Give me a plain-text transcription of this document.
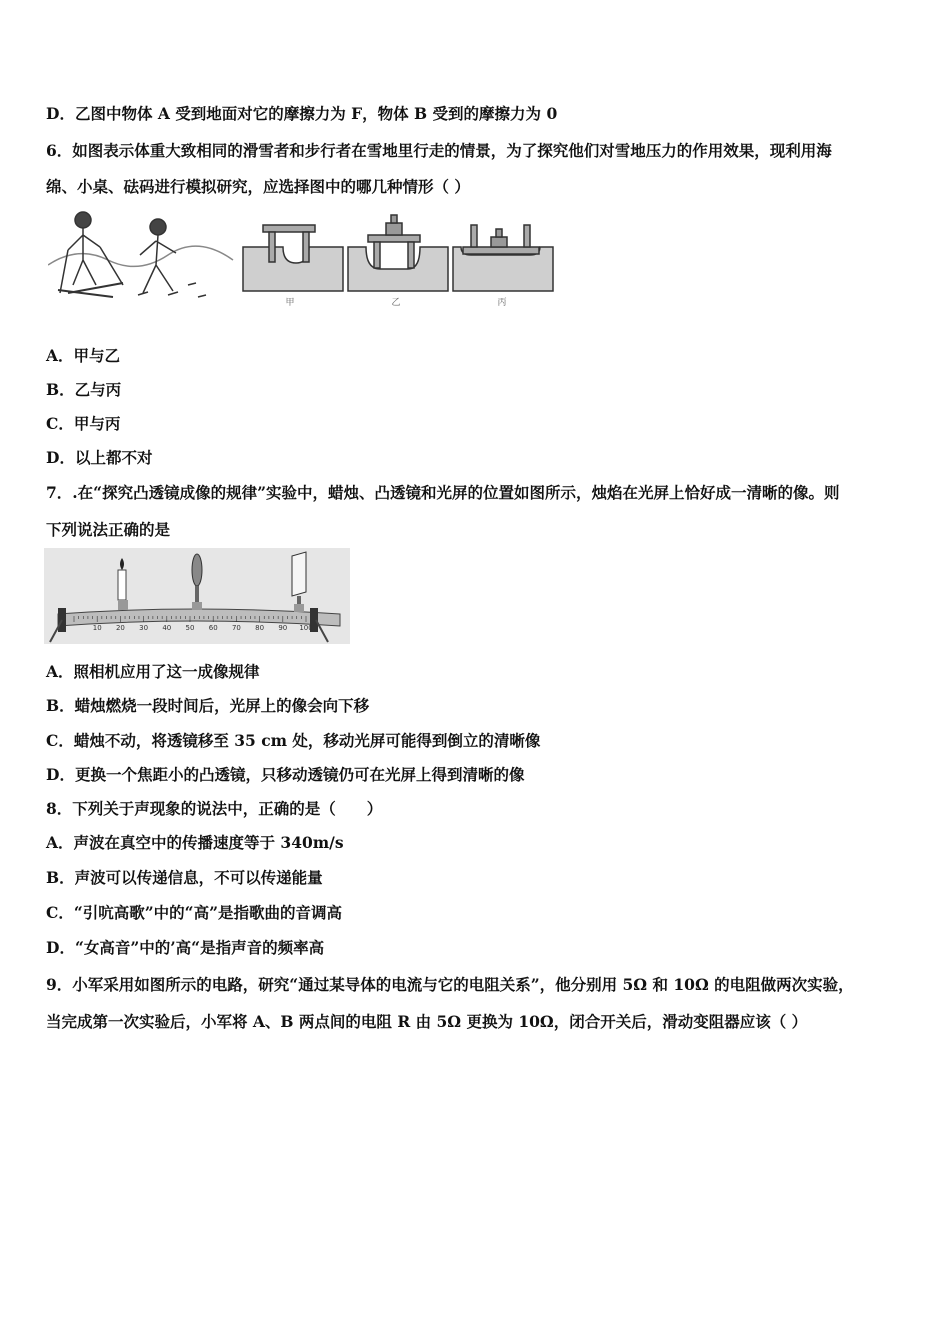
D．乙图中物体 A 受到地面对它的摩擦力为 F，物体 B 受到的摩擦力为 0
6．如图表示体重大致相同的滑雪者和步行者在雪地里行走的情景，为了探究他们对雪地压力的作用效果，现利用海
绵、小桌、砝码进行模拟研究，应选择图中的哪几种情形（ ）
甲	乙	丙
A．甲与乙
B．乙与丙
C．甲与丙
D．以上都不对
7．.在“探究凸透镜成像的规律”实验中，蜡烛、凸透镜和光屏的位置如图所示，烛焰在光屏上恰好成一清晰的像。则
下列说法正确的是
10 20 30 40 50 60 70 80 90 100
A．照相机应用了这一成像规律
B．蜡烛燃烧一段时间后，光屏上的像会向下移
C．蜡烛不动，将透镜移至 35 cm 处，移动光屏可能得到倒立的清晰像
D．更换一个焦距小的凸透镜，只移动透镜仍可在光屏上得到清晰的像
8．下列关于声现象的说法中，正确的是（　　）
A．声波在真空中的传播速度等于 340m/s
B．声波可以传递信息，不可以传递能量
C．“引吭高歌”中的“高”是指歌曲的音调高
D．“女高音”中的’高“是指声音的频率高
9．小军采用如图所示的电路，研究“通过某导体的电流与它的电阻关系”，他分别用 5Ω 和 10Ω 的电阻做两次实验，
当完成第一次实验后，小军将 A、B 两点间的电阻 R 由 5Ω 更换为 10Ω，闭合开关后，滑动变阻器应该（ ）
